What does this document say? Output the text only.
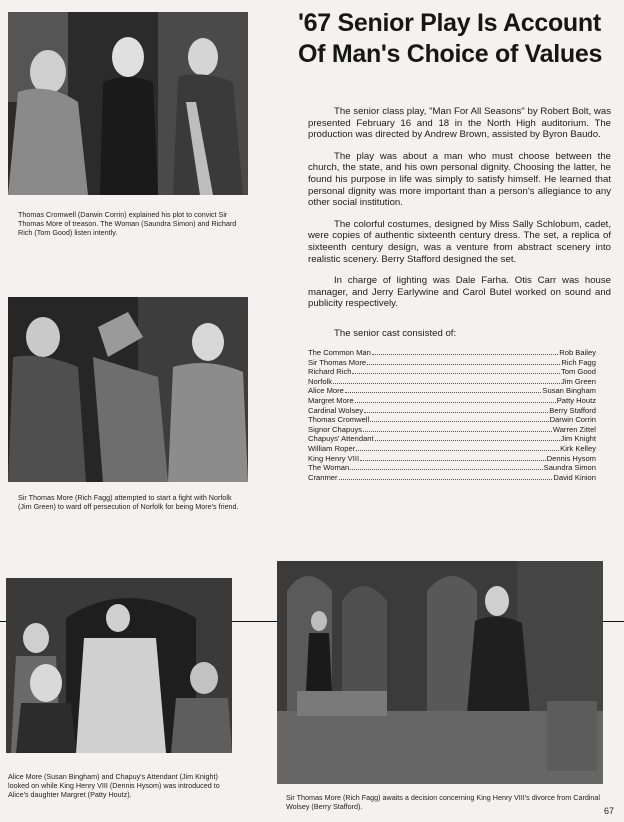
Thomas Cromwell (Darwin Corrin) explained his plot to convict Sir Thomas More of treason. The Woman (Saundra Simon) and Richard Rich (Tom Good) listen intently.
Sir Thomas More (Rich Fagg) attempted to start a fight with Norfolk (Jim Green) to ward off persecution of Norfolk for being More's friend.
'67 Senior Play Is Account
Of Man's Choice of Values

The senior class play, "Man For All Seasons" by Robert Bolt, was presented February 16 and 18 in the North High auditorium. The production was directed by Andrew Brown, assisted by Byron Baudo.

The play was about a man who must choose between the church, the state, and his own personal dignity. Choosing the latter, he found his purpose in life was simply to satisfy himself. He learned that personal dignity was more important than a person's allegiance to any other social institution.

The colorful costumes, designed by Miss Sally Schlobum, cadet, were copies of authentic sixteenth century dress. The set, a replica of sixteenth century design, was a venture from abstract scenery into realistic scenery. Berry Stafford designed the set.

In charge of lighting was Dale Farha. Otis Carr was house manager, and Jerry Earlywine and Carol Butel worked on sound and publicity respectively.

The senior cast consisted of:
The Common Man	Rob Bailey
Sir Thomas More	Rich Fagg
Richard Rich	Tom Good
Norfolk	Jim Green
Alice More	Susan Bingham
Margret More	Patty Houtz
Cardinal Wolsey	Berry Stafford
Thomas Cromwell	Darwin Corrin
Signor Chapuys	Warren Zittel
Chapuys' Attendant	Jim Knight
William Roper	Kirk Kelley
King Henry VIII	Dennis Hysom
The Woman	Saundra Simon
Cranmer	David Kinion
Alice More (Susan Bingham) and Chapuy's Attendant (Jim Knight) looked on while King Henry VIII (Dennis Hysom) was introduced to Alice's daughter Margret (Patty Houtz).	Sir Thomas More (Rich Fagg) awaits a decision concerning King Henry VIII's divorce from Cardinal Wolsey (Berry Stafford).	67
